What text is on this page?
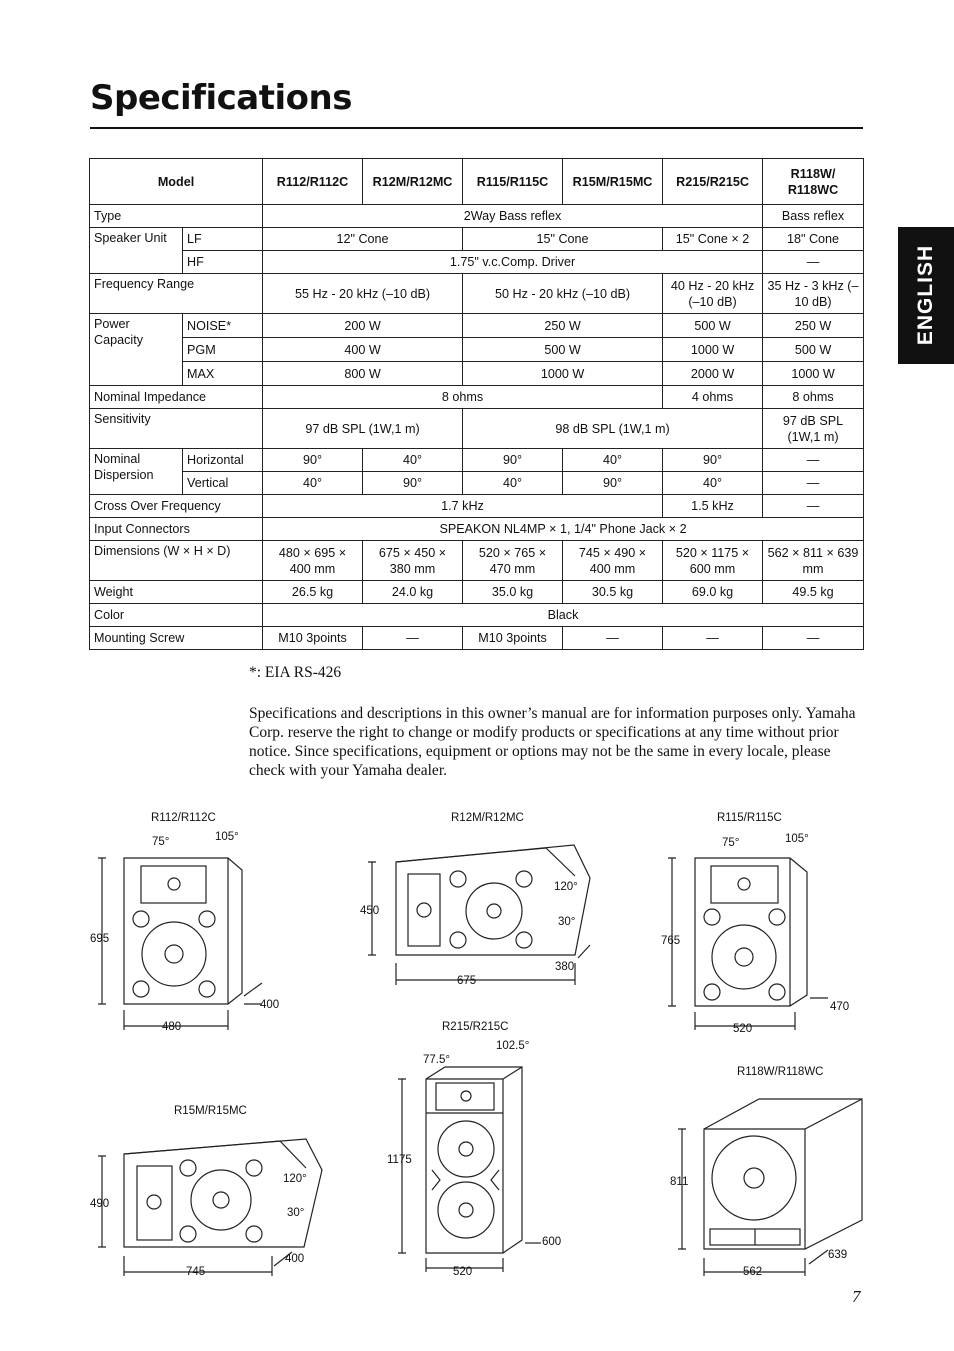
Specifications
ENGLISH
Model		R112/R112C	R12M/R12MC	R115/R115C	R15M/R15MC	R215/R215C	R118W/ R118WC
Type		2Way Bass reflex					Bass reflex
Speaker Unit	LF	12" Cone		15" Cone		15" Cone × 2	18" Cone
	HF	1.75" v.c.Comp. Driver					—
Frequency Range		55 Hz - 20 kHz (–10 dB)		50 Hz - 20 kHz (–10 dB)		40 Hz - 20 kHz (–10 dB)	35 Hz - 3 kHz (–10 dB)
Power Capacity	NOISE*	200 W		250 W		500 W	250 W
	PGM	400 W		500 W		1000 W	500 W
	MAX	800 W		1000 W		2000 W	1000 W
Nominal Impedance		8 ohms				4 ohms	8 ohms
Sensitivity		97 dB SPL (1W,1 m)		98 dB SPL (1W,1 m)			97 dB SPL (1W,1 m)
Nominal Dispersion	Horizontal	90°	40°	90°	40°	90°	—
	Vertical	40°	90°	40°	90°	40°	—
Cross Over Frequency		1.7 kHz				1.5 kHz	—
Input Connectors		SPEAKON NL4MP × 1, 1/4" Phone Jack × 2					
Dimensions (W × H × D)		480 × 695 × 400 mm	675 × 450 × 380 mm	520 × 765 × 470 mm	745 × 490 × 400 mm	520 × 1175 × 600 mm	562 × 811 × 639 mm
Weight		26.5 kg	24.0 kg	35.0 kg	30.5 kg	69.0 kg	49.5 kg
Color		Black					
Mounting Screw		M10 3points	—	M10 3points	—	—	—
*: EIA RS-426
Specifications and descriptions in this owner’s manual are for information purposes only. Yamaha Corp. reserve the right to change or modify products or specifications at any time without prior notice. Since specifications, equipment or options may not be the same in every locale, please check with your Yamaha dealer.
R112/R112C
75°	105°
695
480
400
R12M/R12MC
450
675
380
120°
30°
R115/R115C
75°	105°
765
520
470
R215/R215C
77.5°
102.5°
1175
520
600
R15M/R15MC
490
745
400
120°
30°
R118W/R118WC
811
562
639
7
